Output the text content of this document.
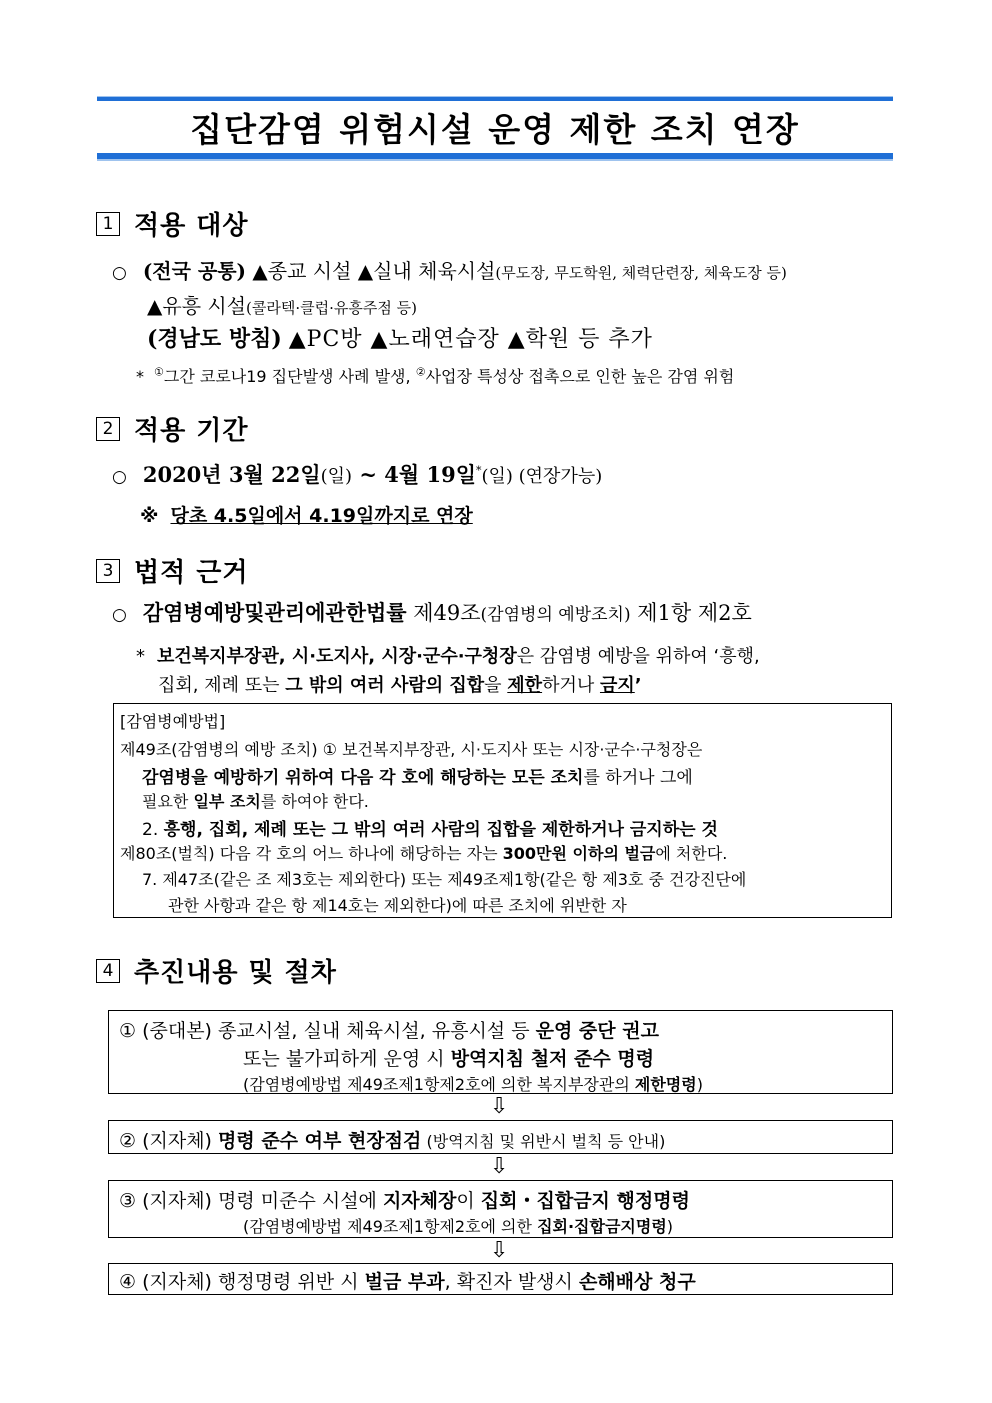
집단감염 위험시설 운영 제한 조치 연장
1 적용 대상
○ (전국 공통) ▲종교 시설 ▲실내 체육시설(무도장, 무도학원, 체력단련장, 체육도장 등)
▲유흥 시설(콜라텍·클럽·유흥주점 등)
(경남도 방침) ▲PC방 ▲노래연습장 ▲학원 등 추가
* ①그간 코로나19 집단발생 사례 발생, ②사업장 특성상 접촉으로 인한 높은 감염 위험
2 적용 기간
○ 2020년 3월 22일(일) ~ 4월 19일*(일) (연장가능)
※ 당초 4.5일에서 4.19일까지로 연장
3 법적 근거
○ 감염병예방및관리에관한법률 제49조(감염병의 예방조치) 제1항 제2호
* 보건복지부장관, 시·도지사, 시장·군수·구청장은 감염병 예방을 위하여 ‘흥행,
집회, 제례 또는 그 밖의 여러 사람의 집합을 제한하거나 금지’
[감염병예방법]
제49조(감염병의 예방 조치) ① 보건복지부장관, 시·도지사 또는 시장·군수·구청장은
감염병을 예방하기 위하여 다음 각 호에 해당하는 모든 조치를 하거나 그에
필요한 일부 조치를 하여야 한다.
2. 흥행, 집회, 제례 또는 그 밖의 여러 사람의 집합을 제한하거나 금지하는 것
제80조(벌칙) 다음 각 호의 어느 하나에 해당하는 자는 300만원 이하의 벌금에 처한다.
7. 제47조(같은 조 제3호는 제외한다) 또는 제49조제1항(같은 항 제3호 중 건강진단에
관한 사항과 같은 항 제14호는 제외한다)에 따른 조치에 위반한 자
4 추진내용 및 절차
① (중대본) 종교시설, 실내 체육시설, 유흥시설 등 운영 중단 권고
또는 불가피하게 운영 시 방역지침 철저 준수 명령
(감염병예방법 제49조제1항제2호에 의한 복지부장관의 제한명령)
⇩
② (지자체) 명령 준수 여부 현장점검 (방역지침 및 위반시 벌칙 등 안내)
⇩
③ (지자체) 명령 미준수 시설에 지자체장이 집회・집합금지 행정명령
(감염병예방법 제49조제1항제2호에 의한 집회·집합금지명령)
⇩
④ (지자체) 행정명령 위반 시 벌금 부과, 확진자 발생시 손해배상 청구
